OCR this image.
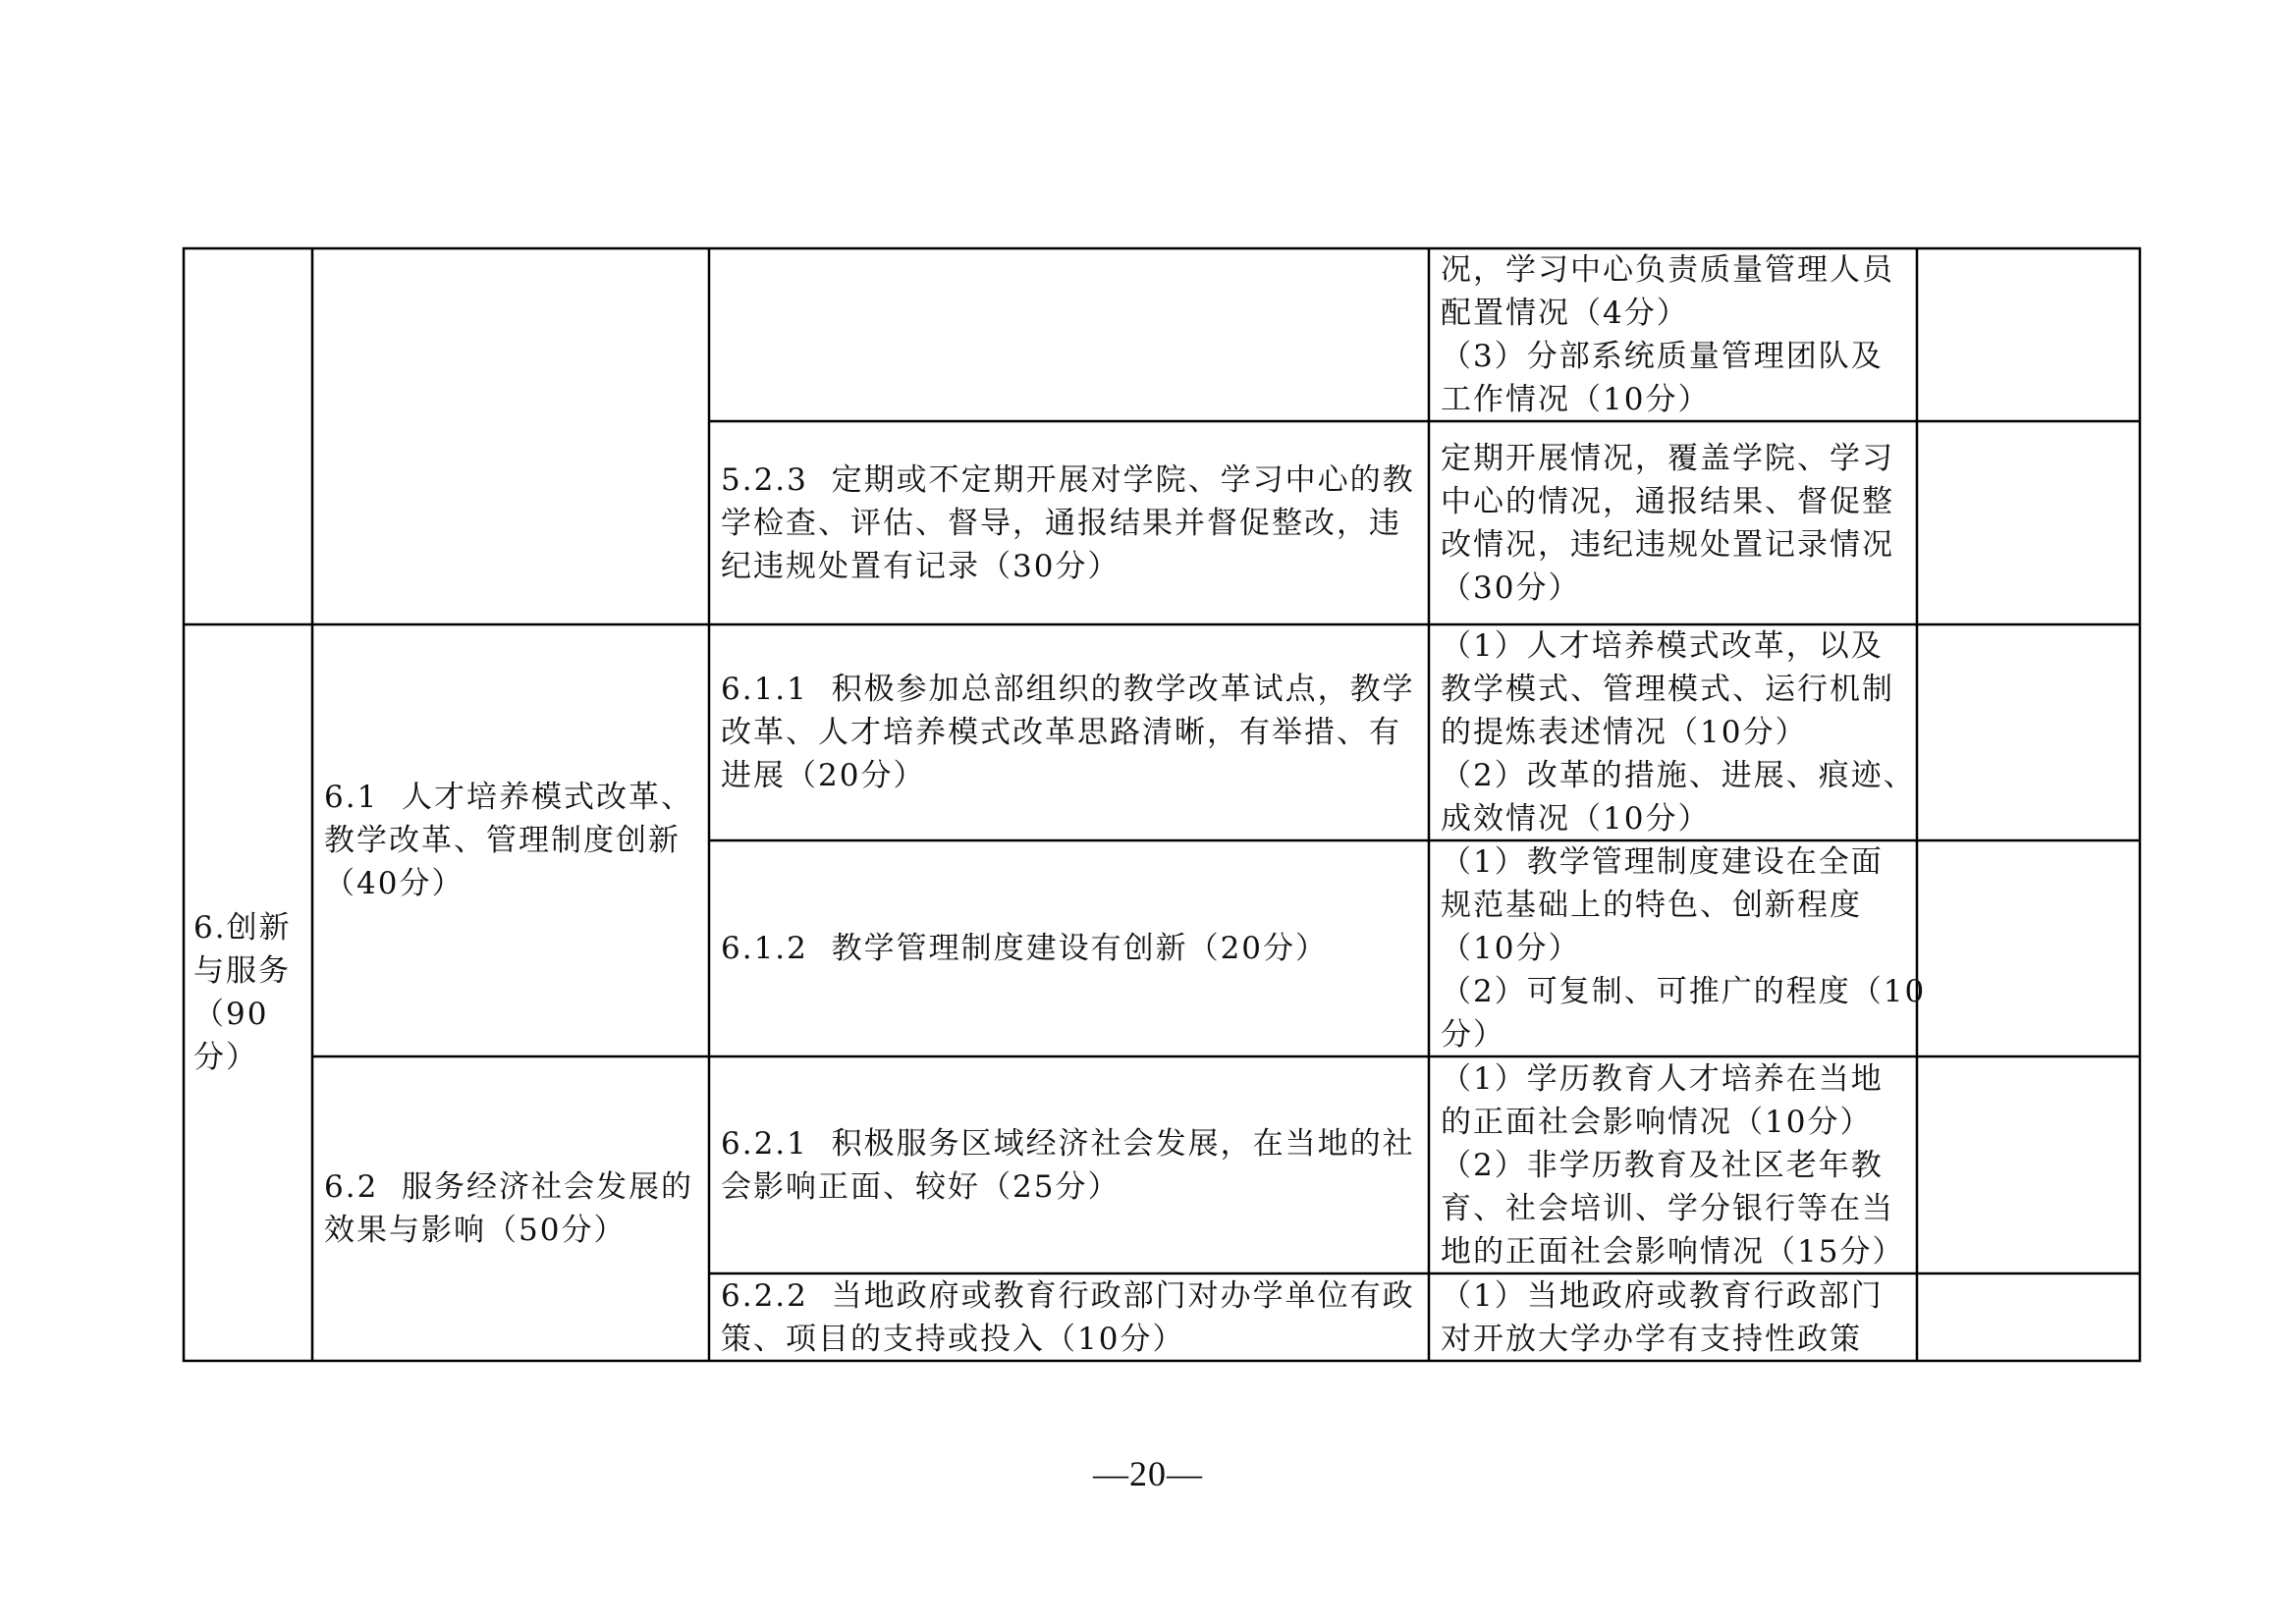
况，学习中心负责质量管理人员
配置情况（4分）
（3）分部系统质量管理团队及
工作情况（10分）
5.2.3  定期或不定期开展对学院、学习中心的教
学检查、评估、督导，通报结果并督促整改，违
纪违规处置有记录（30分）
定期开展情况，覆盖学院、学习
中心的情况，通报结果、督促整
改情况，违纪违规处置记录情况
（30分）
6.创新
与服务
（90
分）
6.1  人才培养模式改革、
教学改革、管理制度创新
（40分）
6.1.1  积极参加总部组织的教学改革试点，教学
改革、人才培养模式改革思路清晰，有举措、有
进展（20分）
（1）人才培养模式改革，以及
教学模式、管理模式、运行机制
的提炼表述情况（10分）
（2）改革的措施、进展、痕迹、
成效情况（10分）
6.1.2  教学管理制度建设有创新（20分）
（1）教学管理制度建设在全面
规范基础上的特色、创新程度
（10分）
（2）可复制、可推广的程度（10
分）
6.2  服务经济社会发展的
效果与影响（50分）
6.2.1  积极服务区域经济社会发展，在当地的社
会影响正面、较好（25分）
（1）学历教育人才培养在当地
的正面社会影响情况（10分）
（2）非学历教育及社区老年教
育、社会培训、学分银行等在当
地的正面社会影响情况（15分）
6.2.2  当地政府或教育行政部门对办学单位有政
策、项目的支持或投入（10分）
（1）当地政府或教育行政部门
对开放大学办学有支持性政策
—20—
